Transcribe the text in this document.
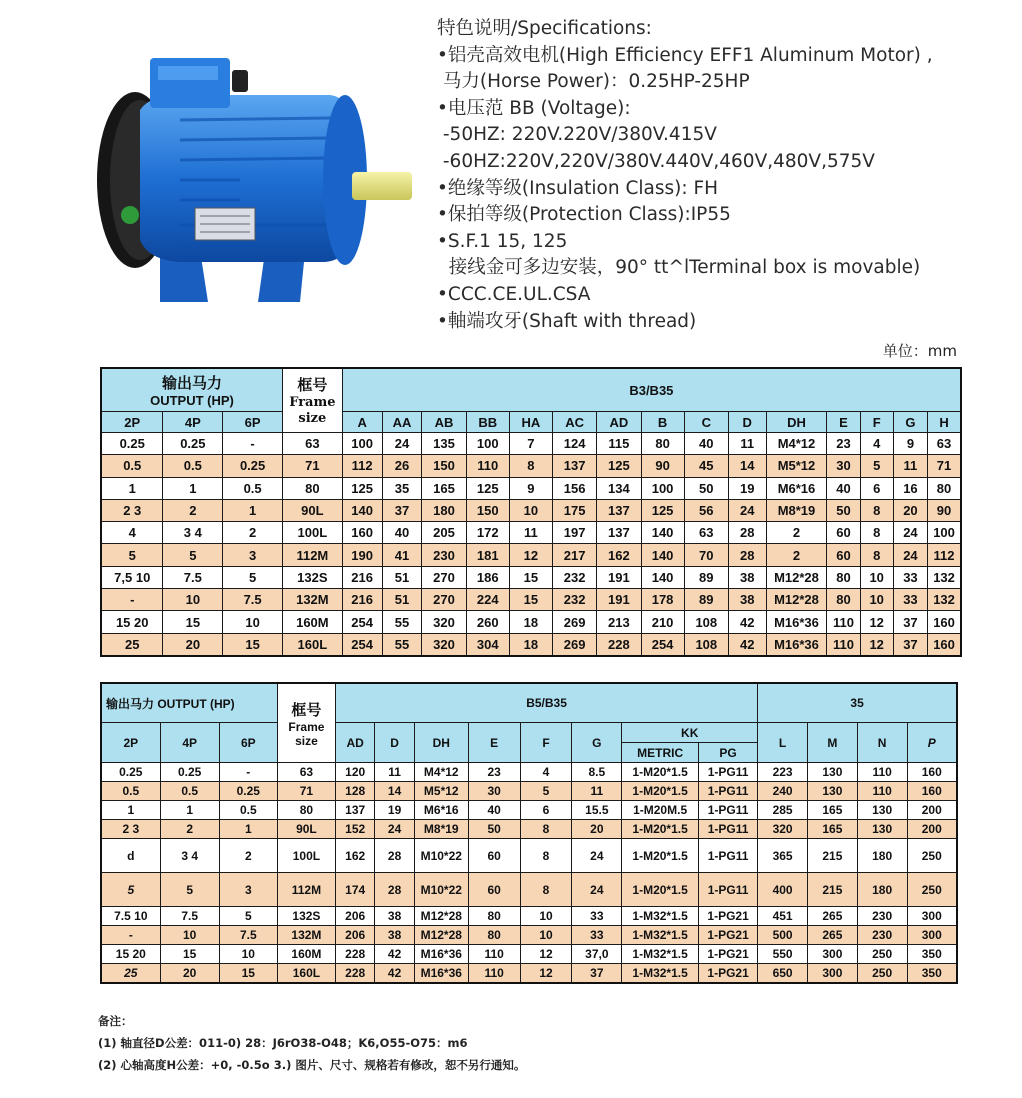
特色说明/Specifications:
•铝壳高效电机(High Efficiency EFF1 Aluminum Motor) ,
马力(Horse Power)：0.25HP-25HP
•电压范 BB (Voltage):
-50HZ: 220V.220V/380V.415V
-60HZ:220V,220V/380V.440V,460V,480V,575V
•绝缘等级(Insulation Class): FH
•保拍等级(Protection Class):IP55
•S.F.1 15, 125
接线金可多边安装，90° tt^lTerminal box is movable)
•CCC.CE.UL.CSA
•軸端攻牙(Shaft with thread)
单位：mm
输出马力
OUTPUT (HP)			框号
Frame
size	B3/B35														
2P	4P	6P		A	AA	AB	BB	HA	AC	AD	B	C	D	DH	E	F	G	H
0.25	0.25	-	63	100	24	135	100	7	124	115	80	40	11	M4*12	23	4	9	63
0.5	0.5	0.25	71	112	26	150	110	8	137	125	90	45	14	M5*12	30	5	11	71
1	1	0.5	80	125	35	165	125	9	156	134	100	50	19	M6*16	40	6	16	80
2 3	2	1	90L	140	37	180	150	10	175	137	125	56	24	M8*19	50	8	20	90
4	3 4	2	100L	160	40	205	172	11	197	137	140	63	28	2	60	8	24	100
5	5	3	112M	190	41	230	181	12	217	162	140	70	28	2	60	8	24	112
7,5 10	7.5	5	132S	216	51	270	186	15	232	191	140	89	38	M12*28	80	10	33	132
-	10	7.5	132M	216	51	270	224	15	232	191	178	89	38	M12*28	80	10	33	132
15 20	15	10	160M	254	55	320	260	18	269	213	210	108	42	M16*36	110	12	37	160
25	20	15	160L	254	55	320	304	18	269	228	254	108	42	M16*36	110	12	37	160
输出马力 OUTPUT (HP)			框号
Frame
size	B5/B35								35			
2P	4P	6P		AD	D	DH	E	F	G	KK		L	M	N	P
										METRIC	PG				
0.25	0.25	-	63	120	11	M4*12	23	4	8.5	1-M20*1.5	1-PG11	223	130	110	160
0.5	0.5	0.25	71	128	14	M5*12	30	5	11	1-M20*1.5	1-PG11	240	130	110	160
1	1	0.5	80	137	19	M6*16	40	6	15.5	1-M20M.5	1-PG11	285	165	130	200
2 3	2	1	90L	152	24	M8*19	50	8	20	1-M20*1.5	1-PG11	320	165	130	200
d	3 4	2	100L	162	28	M10*22	60	8	24	1-M20*1.5	1-PG11	365	215	180	250
5	5	3	112M	174	28	M10*22	60	8	24	1-M20*1.5	1-PG11	400	215	180	250
7.5 10	7.5	5	132S	206	38	M12*28	80	10	33	1-M32*1.5	1-PG21	451	265	230	300
-	10	7.5	132M	206	38	M12*28	80	10	33	1-M32*1.5	1-PG21	500	265	230	300
15 20	15	10	160M	228	42	M16*36	110	12	37,0	1-M32*1.5	1-PG21	550	300	250	350
25	20	15	160L	228	42	M16*36	110	12	37	1-M32*1.5	1-PG21	650	300	250	350
备注：
(1) 轴直径D公差：011-0) 28：J6rO38-O48；K6,O55-O75：m6
(2) 心轴高度H公差：+0, -0.5o 3.) 图片、尺寸、规格若有修改，恕不另行通知。
